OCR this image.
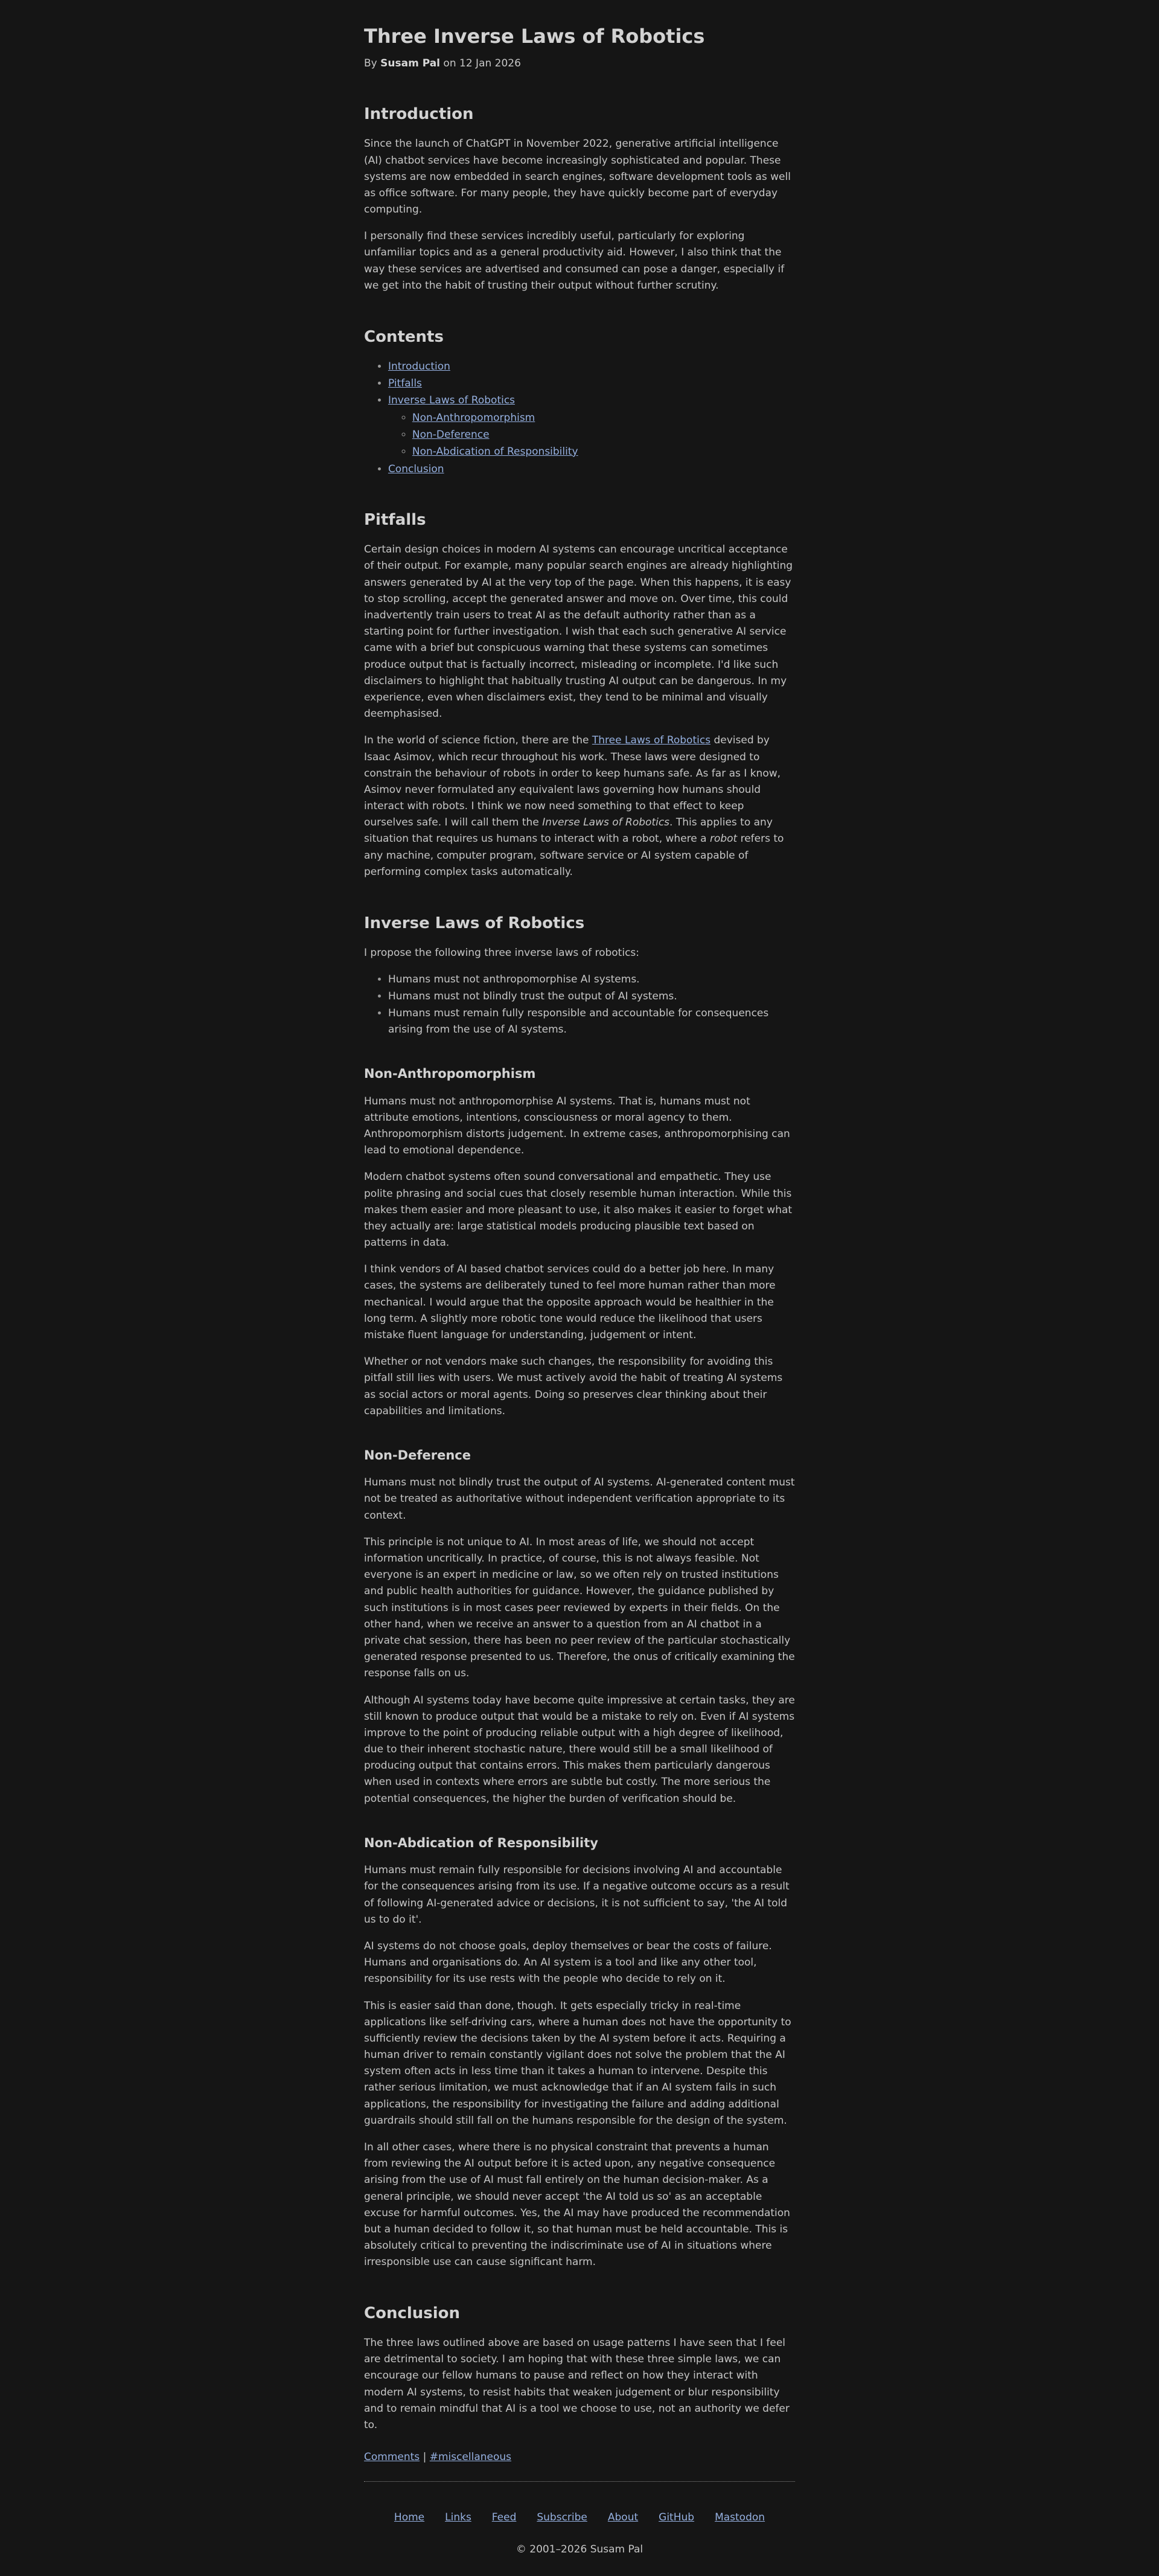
Three Inverse Laws of Robotics

By Susam Pal on 12 Jan 2026

Introduction

Since the launch of ChatGPT in November 2022, generative artificial intelligence (AI) chatbot services have become increasingly sophisticated and popular. These systems are now embedded in search engines, software development tools as well as office software. For many people, they have quickly become part of everyday computing.

I personally find these services incredibly useful, particularly for exploring unfamiliar topics and as a general productivity aid. However, I also think that the way these services are advertised and consumed can pose a danger, especially if we get into the habit of trusting their output without further scrutiny.

Contents
• Introduction
• Pitfalls
• Inverse Laws of Robotics
◦ Non-Anthropomorphism
◦ Non-Deference
◦ Non-Abdication of Responsibility
• Conclusion
Pitfalls

Certain design choices in modern AI systems can encourage uncritical acceptance of their output. For example, many popular search engines are already highlighting answers generated by AI at the very top of the page. When this happens, it is easy to stop scrolling, accept the generated answer and move on. Over time, this could inadvertently train users to treat AI as the default authority rather than as a starting point for further investigation. I wish that each such generative AI service came with a brief but conspicuous warning that these systems can sometimes produce output that is factually incorrect, misleading or incomplete. I'd like such disclaimers to highlight that habitually trusting AI output can be dangerous. In my experience, even when disclaimers exist, they tend to be minimal and visually deemphasised.

In the world of science fiction, there are the Three Laws of Robotics devised by Isaac Asimov, which recur throughout his work. These laws were designed to constrain the behaviour of robots in order to keep humans safe. As far as I know, Asimov never formulated any equivalent laws governing how humans should interact with robots. I think we now need something to that effect to keep ourselves safe. I will call them the Inverse Laws of Robotics. This applies to any situation that requires us humans to interact with a robot, where a robot refers to any machine, computer program, software service or AI system capable of performing complex tasks automatically.

Inverse Laws of Robotics

I propose the following three inverse laws of robotics:

• Humans must not anthropomorphise AI systems.
• Humans must not blindly trust the output of AI systems.
• Humans must remain fully responsible and accountable for consequences arising from the use of AI systems.
Non-Anthropomorphism

Humans must not anthropomorphise AI systems. That is, humans must not attribute emotions, intentions, consciousness or moral agency to them. Anthropomorphism distorts judgement. In extreme cases, anthropomorphising can lead to emotional dependence.

Modern chatbot systems often sound conversational and empathetic. They use polite phrasing and social cues that closely resemble human interaction. While this makes them easier and more pleasant to use, it also makes it easier to forget what they actually are: large statistical models producing plausible text based on patterns in data.

I think vendors of AI based chatbot services could do a better job here. In many cases, the systems are deliberately tuned to feel more human rather than more mechanical. I would argue that the opposite approach would be healthier in the long term. A slightly more robotic tone would reduce the likelihood that users mistake fluent language for understanding, judgement or intent.

Whether or not vendors make such changes, the responsibility for avoiding this pitfall still lies with users. We must actively avoid the habit of treating AI systems as social actors or moral agents. Doing so preserves clear thinking about their capabilities and limitations.

Non-Deference

Humans must not blindly trust the output of AI systems. AI-generated content must not be treated as authoritative without independent verification appropriate to its context.

This principle is not unique to AI. In most areas of life, we should not accept information uncritically. In practice, of course, this is not always feasible. Not everyone is an expert in medicine or law, so we often rely on trusted institutions and public health authorities for guidance. However, the guidance published by such institutions is in most cases peer reviewed by experts in their fields. On the other hand, when we receive an answer to a question from an AI chatbot in a private chat session, there has been no peer review of the particular stochastically generated response presented to us. Therefore, the onus of critically examining the response falls on us.

Although AI systems today have become quite impressive at certain tasks, they are still known to produce output that would be a mistake to rely on. Even if AI systems improve to the point of producing reliable output with a high degree of likelihood, due to their inherent stochastic nature, there would still be a small likelihood of producing output that contains errors. This makes them particularly dangerous when used in contexts where errors are subtle but costly. The more serious the potential consequences, the higher the burden of verification should be.

Non-Abdication of Responsibility

Humans must remain fully responsible for decisions involving AI and accountable for the consequences arising from its use. If a negative outcome occurs as a result of following AI-generated advice or decisions, it is not sufficient to say, 'the AI told us to do it'.

AI systems do not choose goals, deploy themselves or bear the costs of failure. Humans and organisations do. An AI system is a tool and like any other tool, responsibility for its use rests with the people who decide to rely on it.

This is easier said than done, though. It gets especially tricky in real-time applications like self-driving cars, where a human does not have the opportunity to sufficiently review the decisions taken by the AI system before it acts. Requiring a human driver to remain constantly vigilant does not solve the problem that the AI system often acts in less time than it takes a human to intervene. Despite this rather serious limitation, we must acknowledge that if an AI system fails in such applications, the responsibility for investigating the failure and adding additional guardrails should still fall on the humans responsible for the design of the system.

In all other cases, where there is no physical constraint that prevents a human from reviewing the AI output before it is acted upon, any negative consequence arising from the use of AI must fall entirely on the human decision-maker. As a general principle, we should never accept 'the AI told us so' as an acceptable excuse for harmful outcomes. Yes, the AI may have produced the recommendation but a human decided to follow it, so that human must be held accountable. This is absolutely critical to preventing the indiscriminate use of AI in situations where irresponsible use can cause significant harm.

Conclusion

The three laws outlined above are based on usage patterns I have seen that I feel are detrimental to society. I am hoping that with these three simple laws, we can encourage our fellow humans to pause and reflect on how they interact with modern AI systems, to resist habits that weaken judgement or blur responsibility and to remain mindful that AI is a tool we choose to use, not an authority we defer to.

Comments | #miscellaneous

Home Links Feed Subscribe About GitHub Mastodon

© 2001–2026 Susam Pal
